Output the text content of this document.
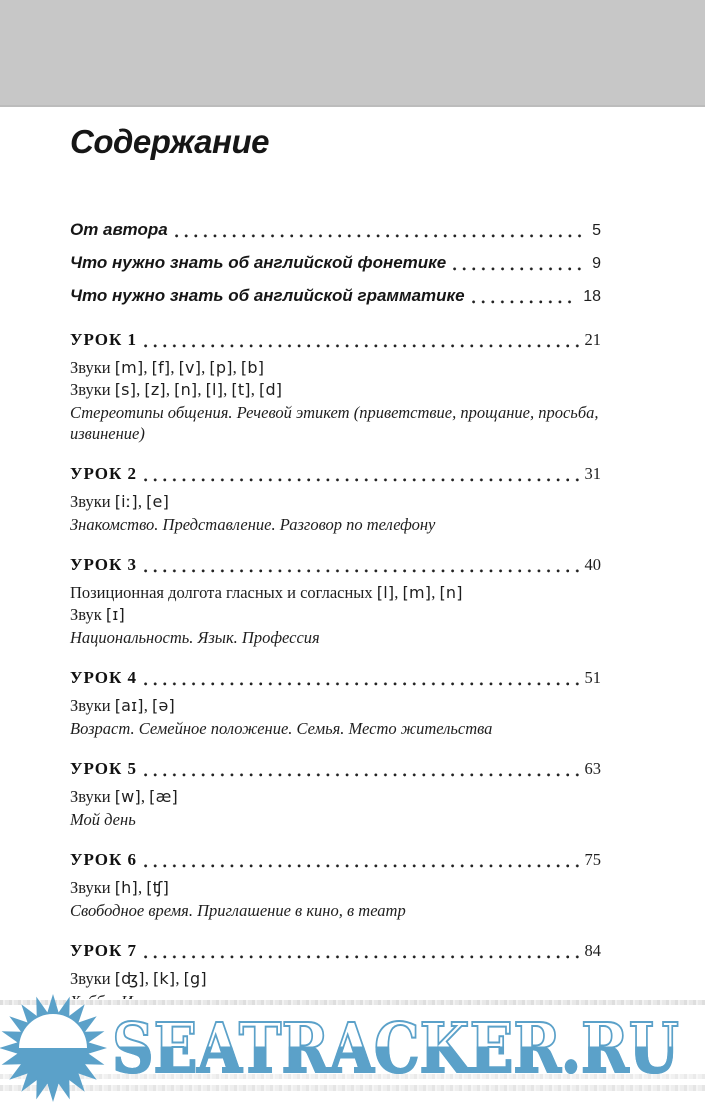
Содержание
От автора	5
Что нужно знать об английской фонетике	9
Что нужно знать об английской грамматике	18
УРОК 1	21
Звуки [m], [f], [v], [p], [b]
Звуки [s], [z], [n], [l], [t], [d]
Стереотипы общения. Речевой этикет (приветствие, прощание, просьба, извинение)
УРОК 2	31
Звуки [iː], [e]
Знакомство. Представление. Разговор по телефону
УРОК 3	40
Позиционная долгота гласных и согласных [l], [m], [n]
Звук [ɪ]
Национальность. Язык. Профессия
УРОК 4	51
Звуки [aɪ], [ə]
Возраст. Семейное положение. Семья. Место жительства
УРОК 5	63
Звуки [w], [æ]
Мой день
УРОК 6	75
Звуки [h], [ʧ]
Свободное время. Приглашение в кино, в театр
УРОК 7	84
Звуки [ʤ], [k], [g]
SEATRACKER.RU
